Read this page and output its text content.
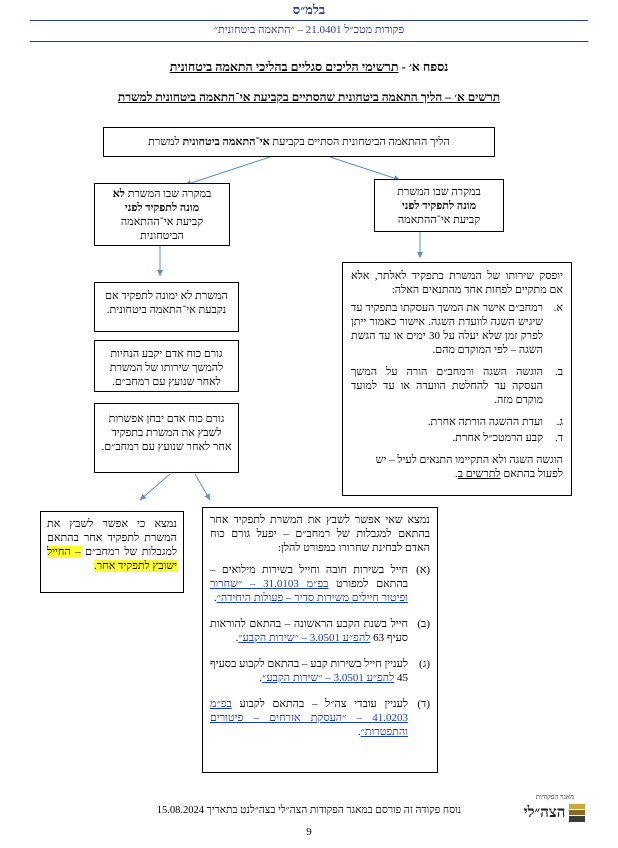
בלמ״ס
פקודות מטכ״ל 21.0401 – ״התאמה ביטחונית״
נספח א׳ - תרשימי הליכים סגליים בהליכי התאמה ביטחונית
תרשים א׳ – הליך התאמה ביטחונית שהסתיים בקביעת אי־התאמה ביטחונית למשרת
הליך ההתאמה הביטחונית הסתיים בקביעת אי־התאמה ביטחונית למשרת
במקרה שבו המשרת לא
מונה לתפקיד לפני
קביעת אי־ההתאמה הביטחונית
המשרת לא ימונה לתפקיד אם נקבעת אי־התאמה ביטחונית.
גורם כוח אדם יקבע הנחיות להמשך שירותו של המשרת לאחר שנועץ עם רמחב״ם.
גורם כוח אדם יבחן אפשרות לשבץ את המשרת בתפקיד אחר לאחר שנועץ עם רמחב״ם.
במקרה שבו המשרת
מונה לתפקיד לפני
קביעת אי־ההתאמה
יופסק שירותו של המשרת בתפקיד לאלתר, אלא אם מתקיים לפחות אחד מהתנאים האלה:
א.
רמחב״ם אישר את המשך העסקתו בתפקיד עד שיגיש השגה לוועדת השגה. אישור כאמור ייתן לפרק זמן שלא יעלה על 30 ימים או עד הגשת השגה – לפי המוקדם מהם.
ב.
הוגשה השגה ורמחב״ם הורה על המשך העסקה עד להחלטת הוועדה או עד למועד מוקדם מזה.
ג.
ועדת ההשגה הורתה אחרת.
ד.
קבע הרמטכ״ל אחרת.
הוגשה השגה ולא התקיימו התנאים לעיל – יש לפעול בהתאם לתרשים ב.
נמצא כי אפשר לשבץ את המשרת לתפקיד אחר בהתאם למגבלות של רמחב״ם – החייל ישובץ לתפקיד אחר.
נמצא שאי אפשר לשבץ את המשרת לתפקיד אחר בהתאם למגבלות של רמחב״ם – יפעל גורם כוח האדם לבחינת שחרורו כמפורט להלן:
(א)
חייל בשירות חובה וחייל בשירות מילואים – בהתאם למפורט בפ״מ 31.0103 – ״שחרור ופיטור חיילים משירות סדיר – פעולות היחידה״.
(ב)
חייל בשנת הקבע הראשונה – בהתאם להוראות סעיף 63 להפ״ע 3.0501 – ״שירות הקבע״.
(ג)
לעניין חייל בשירות קבע – בהתאם לקבוע בסעיף 45 להפ״ע 3.0501 – ״שירות הקבע״.
(ד)
לעניין עובדי צה״ל – בהתאם לקבוע בפ״מ 41.0203 – ״העסקת אזרחים – פיטורים והתפטרות״.
נוסח פקודה זה פורסם במאגר הפקודות הצה״לי בצה״לנט בתאריך 15.08.2024
9
מאגר הפקודות
הצה״לי
